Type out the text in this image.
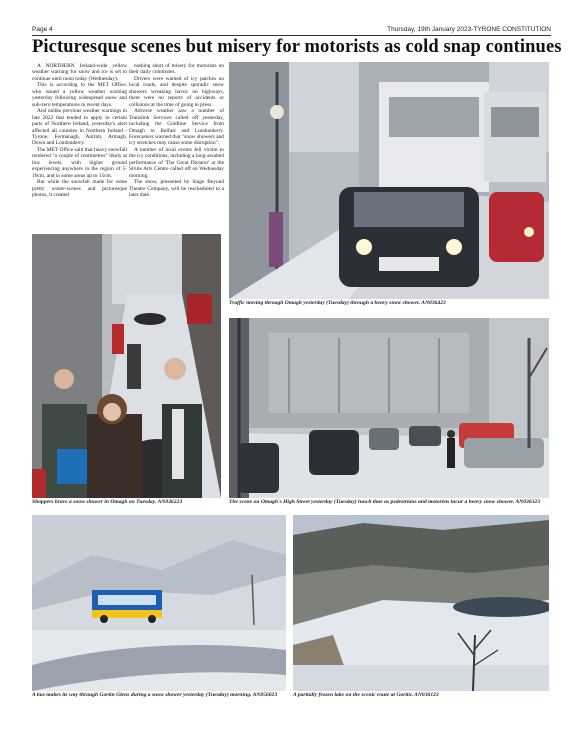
Page 4	Thursday, 19th January 2023-TYRONE CONSTITUTION
Picturesque scenes but misery for motorists as cold snap continues

A NORTHERN Ireland-wide yellow weather warning for snow and ice is set to continue until noon today (Wednesday).

This is according to the MET Office, who issued a yellow weather warning yesterday following widespread snow and sub-zero temperatures in recent days.

And unlike previous weather warnings in late 2022 that tended to apply to certain parts of Northern Ireland, yesterday's alert affected all counties in Northern Ireland - Tyrone, Fermanagh, Antrim, Armagh, Down and Londonderry.

The MET Office said that heavy snowfall rendered "a couple of centimetres" likely at low levels, with higher ground experiencing anywhere in the region of 5-10cm, and in some areas up to 15cm.

But while the snowfall made for some pretty winter-scenes and picturesque photos, it created

nothing short of misery for motorists on their daily commutes.

Drivers were warned of icy patches on local roads, and despite sporadic snow showers wreaking havoc on highways, there were no reports of accidents or collisions at the time of going to press.

Adverse weather saw a number of Translink Services called off yesterday, including the Goldline Service from Omagh to Belfast and Londonderry. Forecasters warned that "snow showers and icy stretches may cause some disruption".

A number of local events fell victim to the icy conditions, including a long-awaited performance of 'The Great Dictator' at the Strule Arts Centre called off on Wednesday morning.

The show, presented by Stage Beyond Theatre Company, will be rescheduled to a later date.

Traffic moving through Omagh yesterday (Tuesday) through a heavy snow shower. AN036423
Shoppers brave a snow shower in Omagh on Tuesday. AN036223	The scene on Omagh's High Street yesterday (Tuesday) lunch time as pedestrians and motorists incur a heavy snow shower. AN036323
A bus makes its way through Gortin Glens during a snow shower yesterday (Tuesday) morning. AN056023	A partially frozen lake on the scenic route at Gortin. AN036123
